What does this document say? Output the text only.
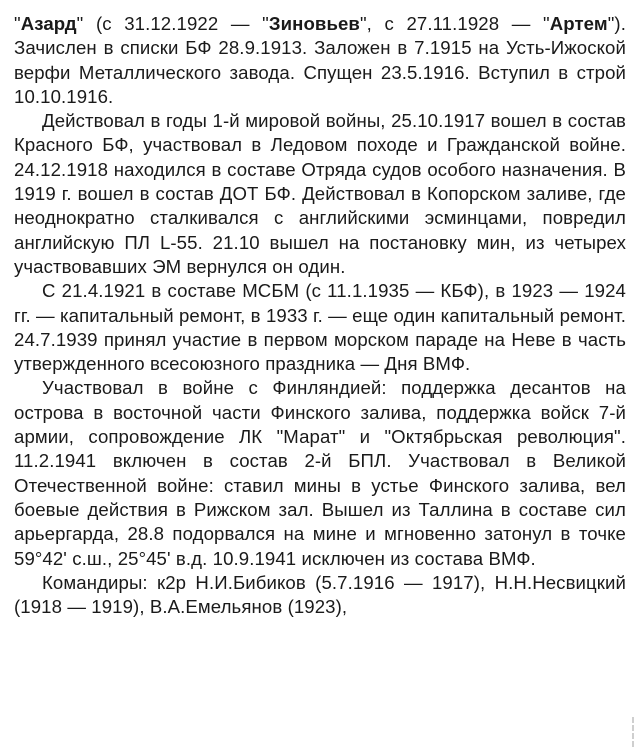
"Азард" (с 31.12.1922 — "Зиновьев", с 27.11.1928 — "Артем"). Зачислен в списки БФ 28.9.1913. Заложен в 7.1915 на Усть-Ижоской верфи Металлического завода. Спущен 23.5.1916. Вступил в строй 10.10.1916.

Действовал в годы 1-й мировой войны, 25.10.1917 вошел в состав Красного БФ, участвовал в Ледовом походе и Гражданской войне. 24.12.1918 находился в составе Отряда судов особого назначения. В 1919 г. вошел в состав ДОТ БФ. Действовал в Копорском заливе, где неоднократно сталкивался с английскими эсминцами, повредил английскую ПЛ L-55. 21.10 вышел на постановку мин, из четырех участвовавших ЭМ вернулся он один.

С 21.4.1921 в составе МСБМ (с 11.1.1935 — КБФ), в 1923 — 1924 гг. — капитальный ремонт, в 1933 г. — еще один капитальный ремонт. 24.7.1939 принял участие в первом морском параде на Неве в часть утвержденного всесоюзного праздника — Дня ВМФ.

Участвовал в войне с Финляндией: поддержка десантов на острова в восточной части Финского залива, поддержка войск 7-й армии, сопровождение ЛК "Марат" и "Октябрьская революция". 11.2.1941 включен в состав 2-й БПЛ. Участвовал в Великой Отечественной войне: ставил мины в устье Финского залива, вел боевые действия в Рижском зал. Вышел из Таллина в составе сил арьергарда, 28.8 подорвался на мине и мгновенно затонул в точке 59°42' с.ш., 25°45' в.д. 10.9.1941 исключен из состава ВМФ.

Командиры: к2р Н.И.Бибиков (5.7.1916 — 1917), Н.Н.Несвицкий (1918 — 1919), В.А.Емельянов (1923),
